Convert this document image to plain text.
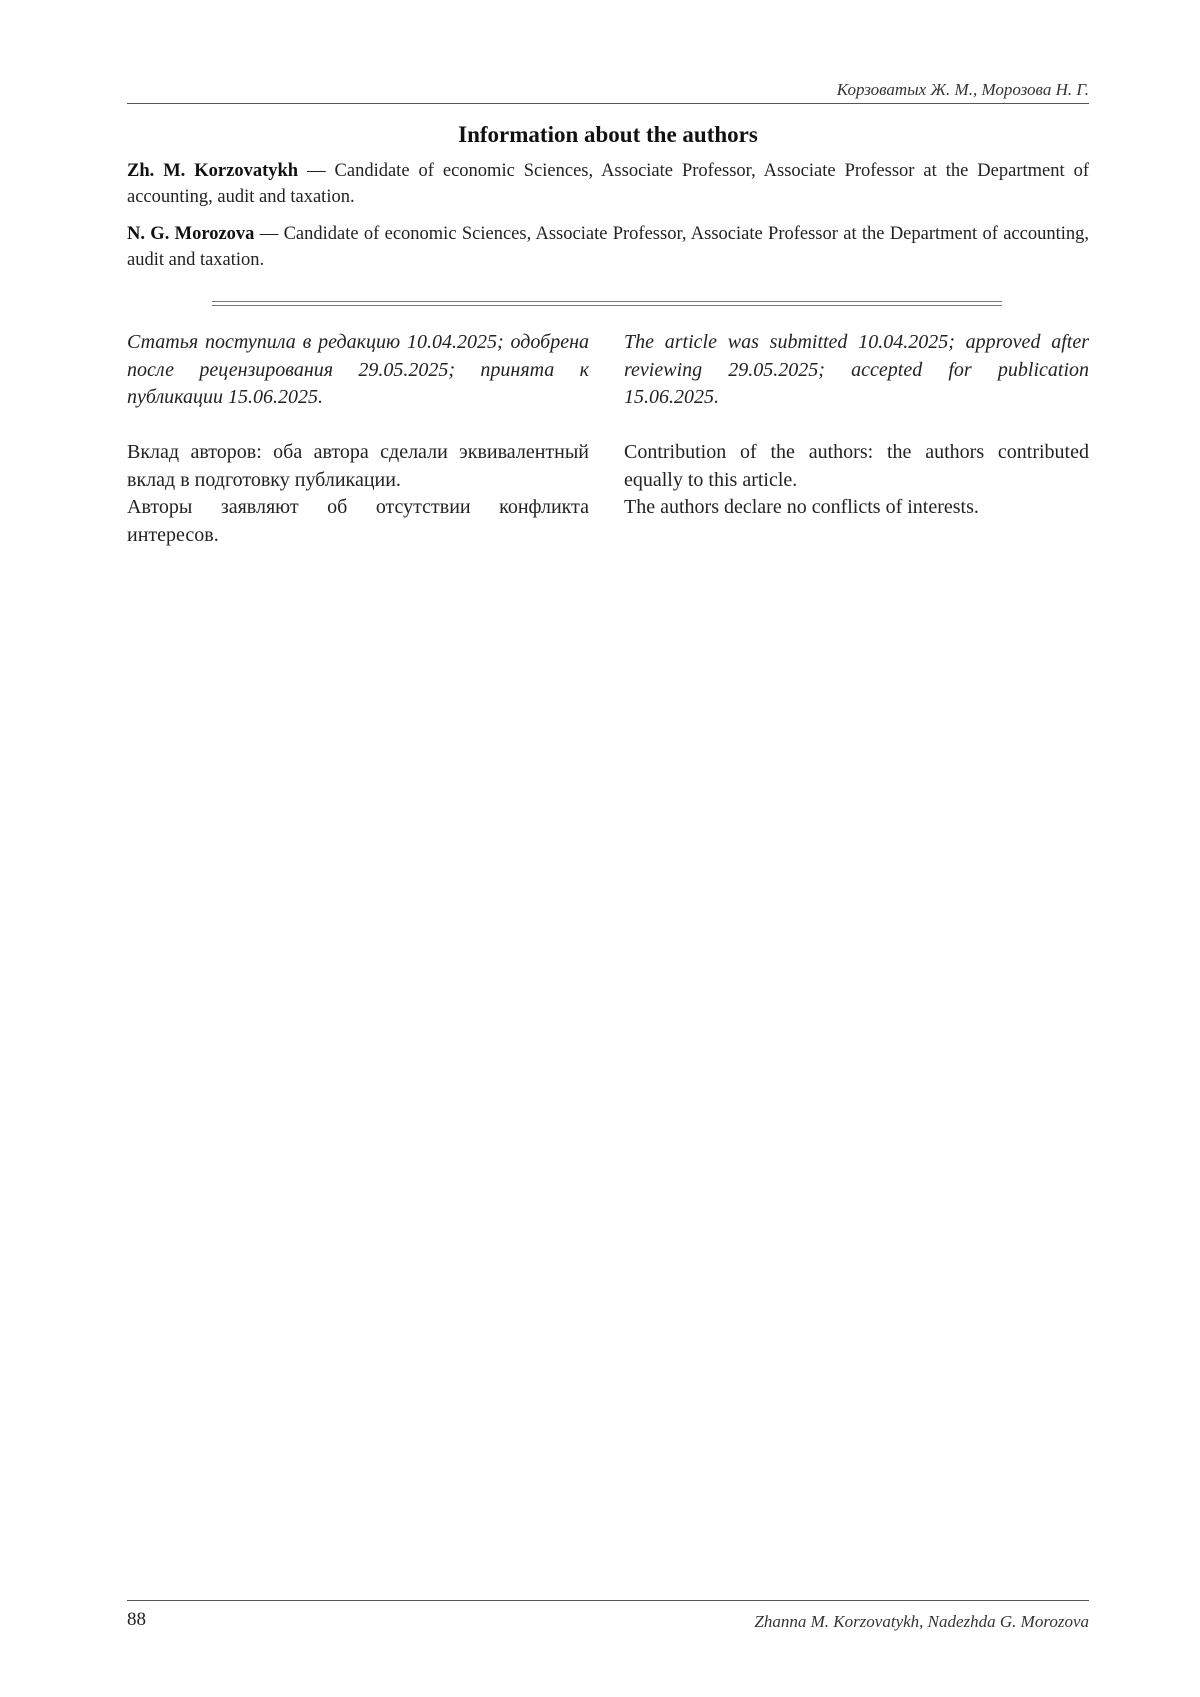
Корзоватых Ж. М., Морозова Н. Г.
Information about the authors
Zh. M. Korzovatykh — Candidate of economic Sciences, Associate Professor, Associate Professor at the Department of accounting, audit and taxation.
N. G. Morozova — Candidate of economic Sciences, Associate Professor, Associate Professor at the Department of accounting, audit and taxation.

Статья поступила в редакцию 10.04.2025; одобрена после рецензирования 29.05.2025; принята к публикации 15.06.2025.

The article was submitted 10.04.2025; approved after reviewing 29.05.2025; accepted for publication 15.06.2025.

Вклад авторов: оба автора сделали эквивалентный вклад в подготовку публикации.

Авторы заявляют об отсутствии конфликта интересов.

Contribution of the authors: the authors contributed equally to this article.

The authors declare no conflicts of interests.

88	Zhanna M. Korzovatykh, Nadezhda G. Morozova
